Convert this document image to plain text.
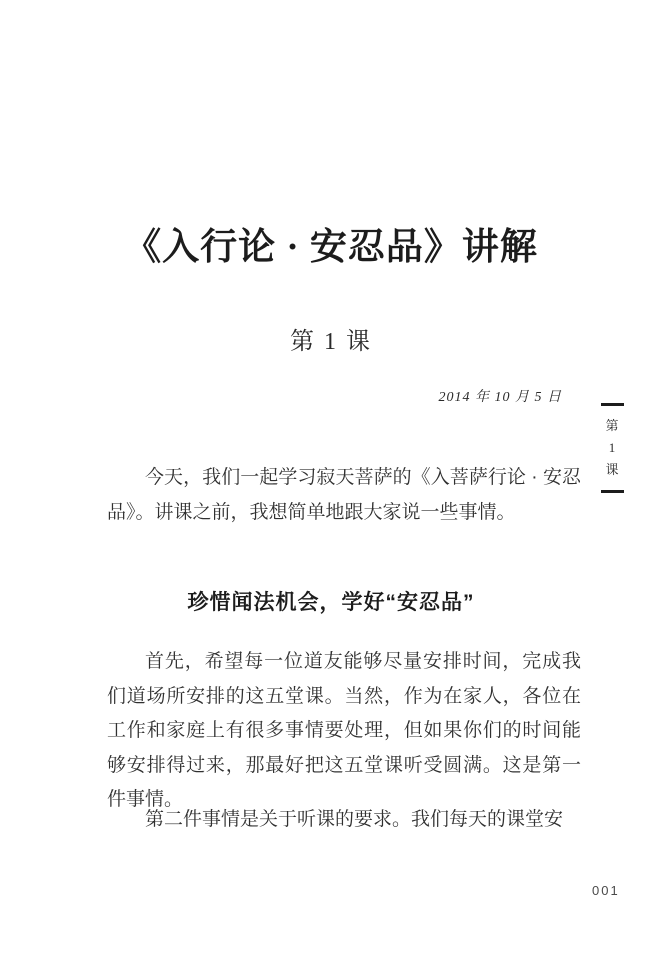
《入行论 · 安忍品》讲解
第 1 课
2014 年 10 月 5 日
第
1
课

今天，我们一起学习寂天菩萨的《入菩萨行论 · 安忍品》。讲课之前，我想简单地跟大家说一些事情。

珍惜闻法机会，学好“安忍品”

首先，希望每一位道友能够尽量安排时间，完成我们道场所安排的这五堂课。当然，作为在家人，各位在工作和家庭上有很多事情要处理，但如果你们的时间能够安排得过来，那最好把这五堂课听受圆满。这是第一件事情。

第二件事情是关于听课的要求。我们每天的课堂安

001
